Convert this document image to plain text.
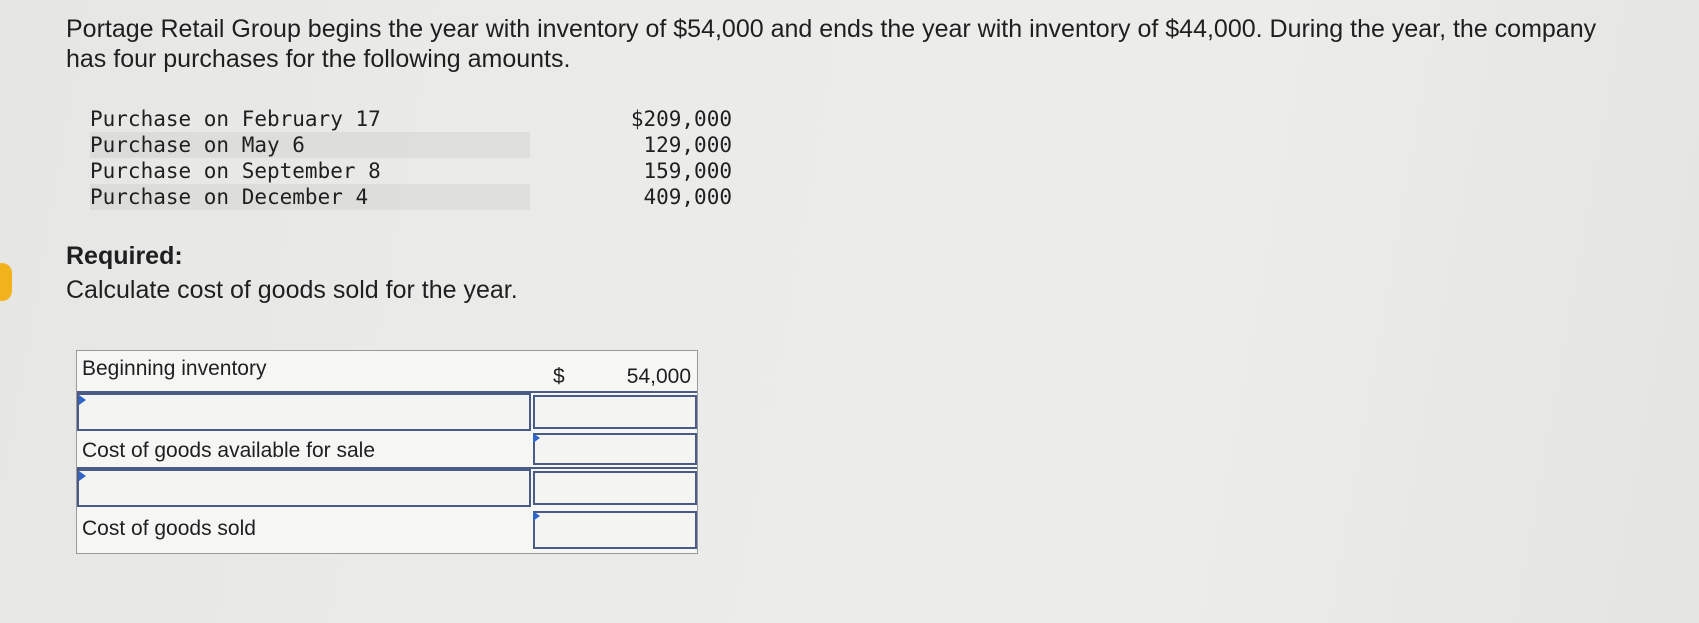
Portage Retail Group begins the year with inventory of $54,000 and ends the year with inventory of $44,000. During the year, the company has four purchases for the following amounts.

Purchase on February 17	$209,000
Purchase on May 6	129,000
Purchase on September 8	159,000
Purchase on December 4	409,000

Required:

Calculate cost of goods sold for the year.

Beginning inventory	$	54,000
Cost of goods available for sale
Cost of goods sold
